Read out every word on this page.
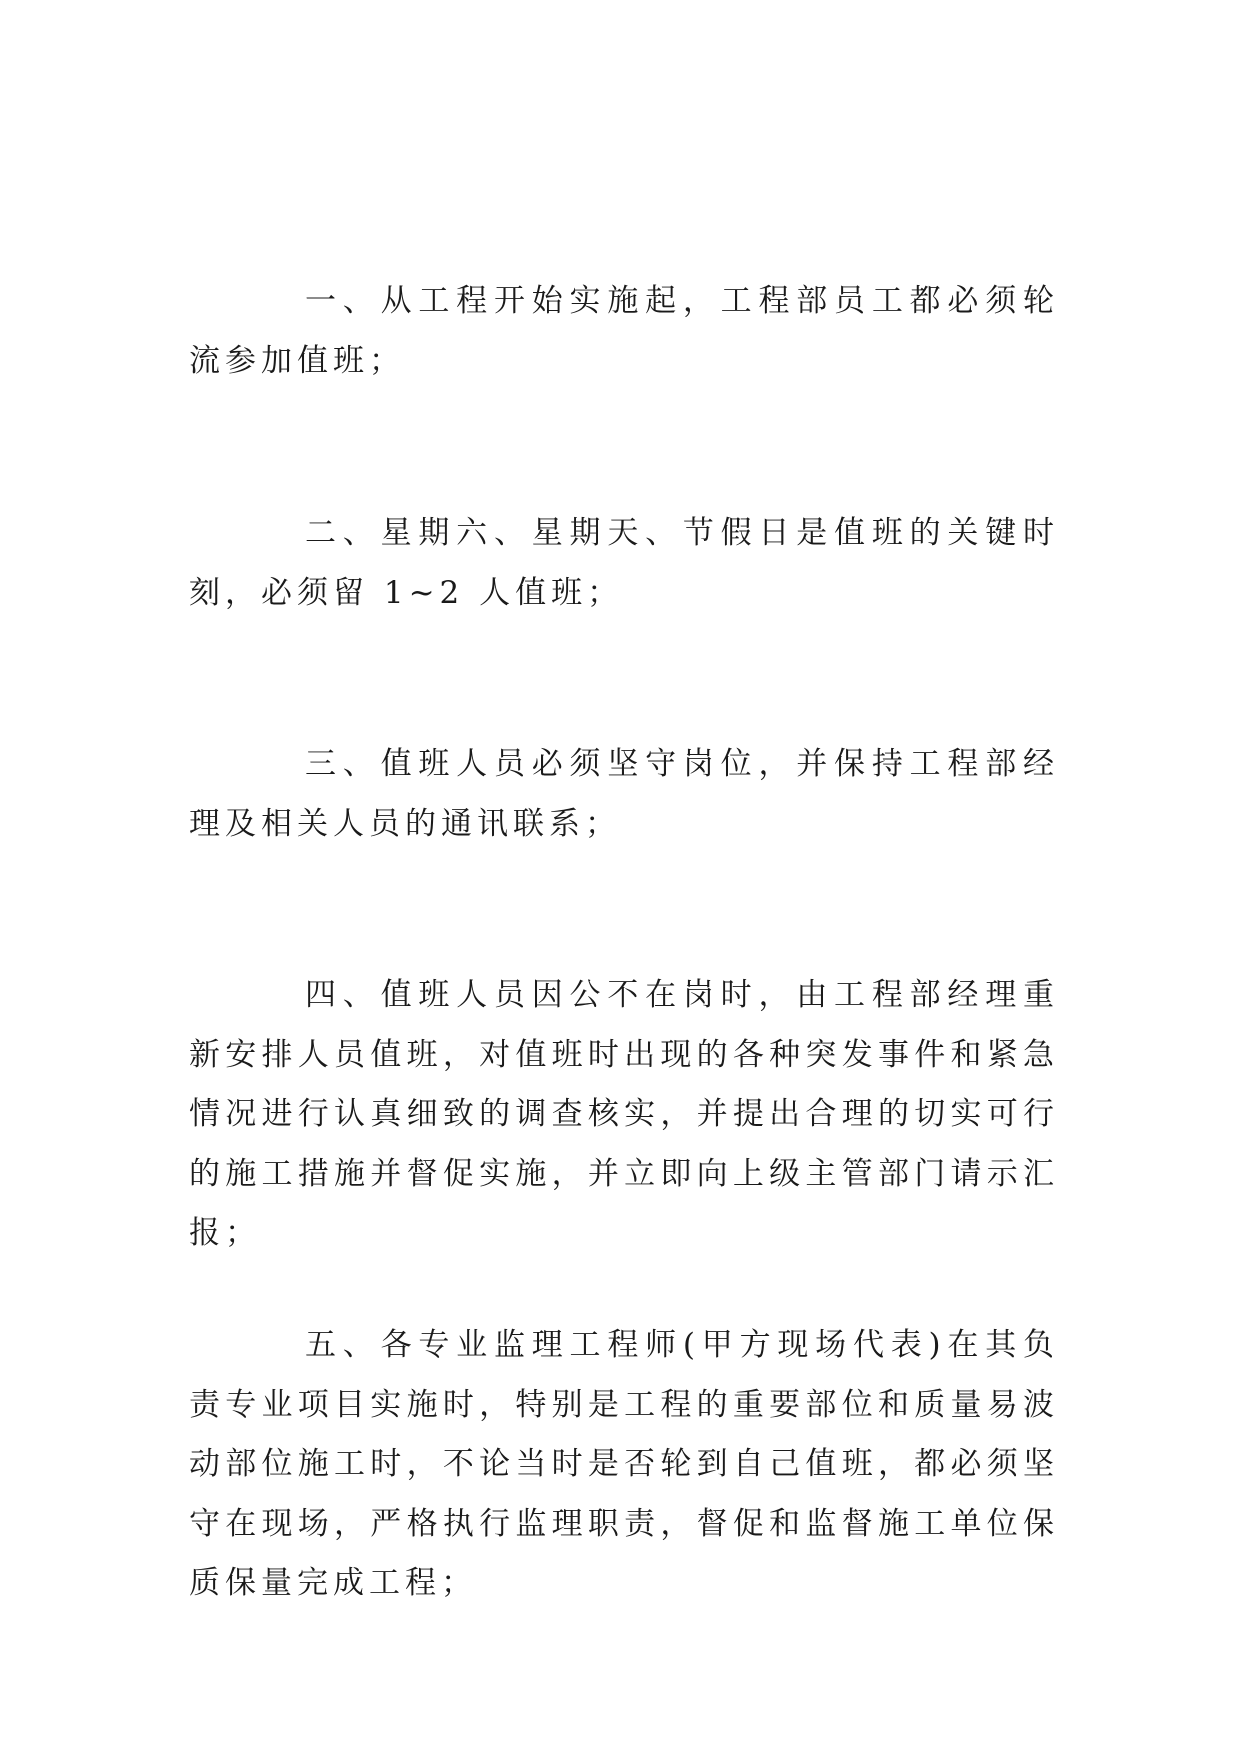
一、从工程开始实施起，工程部员工都必须轮流参加值班；

二、星期六、星期天、节假日是值班的关键时刻，必须留 1~2 人值班；

三、值班人员必须坚守岗位，并保持工程部经理及相关人员的通讯联系；

四、值班人员因公不在岗时，由工程部经理重新安排人员值班，对值班时出现的各种突发事件和紧急情况进行认真细致的调查核实，并提出合理的切实可行的施工措施并督促实施，并立即向上级主管部门请示汇报；

五、各专业监理工程师(甲方现场代表)在其负责专业项目实施时，特别是工程的重要部位和质量易波动部位施工时，不论当时是否轮到自己值班，都必须坚守在现场，严格执行监理职责，督促和监督施工单位保质保量完成工程；
